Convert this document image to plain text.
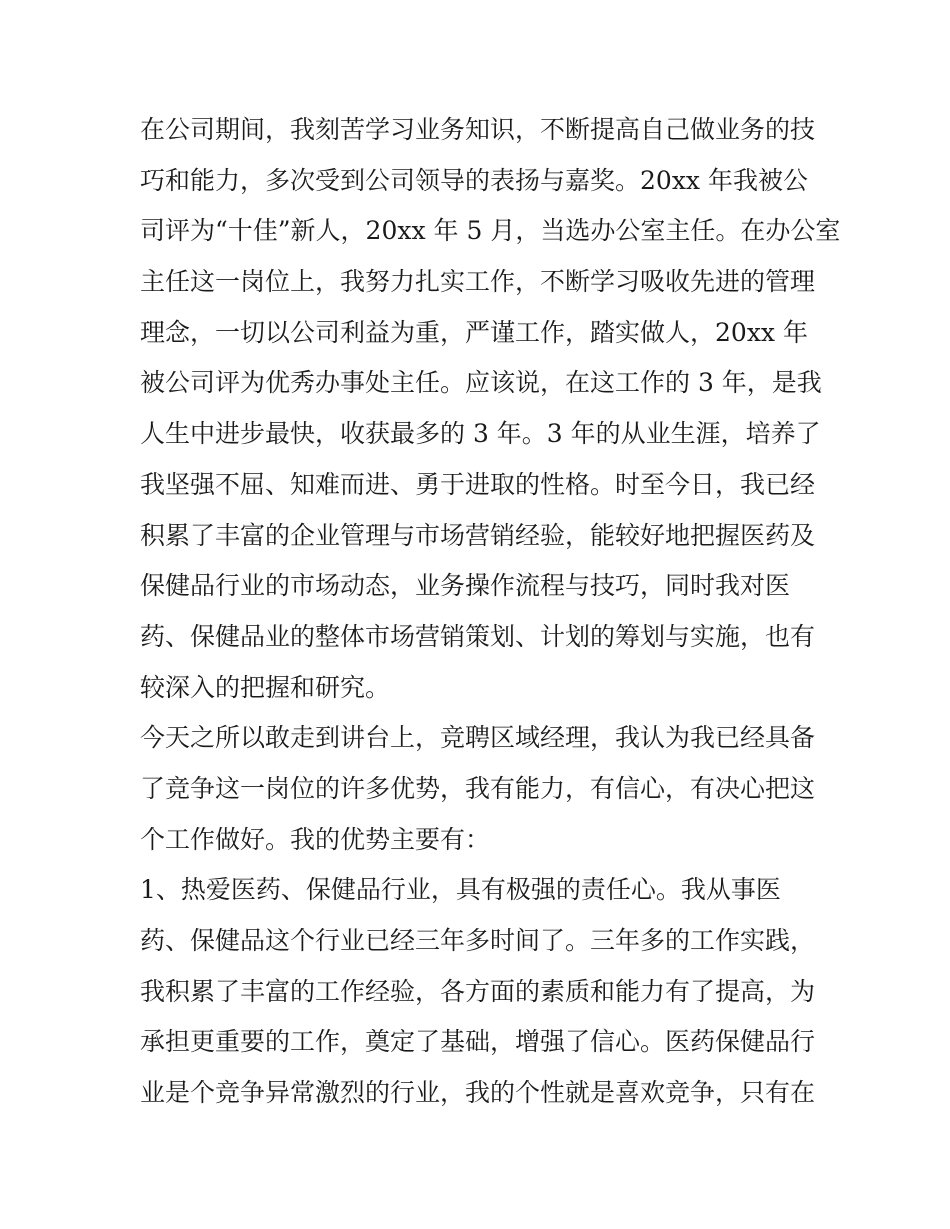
在公司期间，我刻苦学习业务知识，不断提高自己做业务的技
巧和能力，多次受到公司领导的表扬与嘉奖。20xx 年我被公
司评为“十佳”新人，20xx 年 5 月，当选办公室主任。在办公室
主任这一岗位上，我努力扎实工作，不断学习吸收先进的管理
理念，一切以公司利益为重，严谨工作，踏实做人，20xx 年
被公司评为优秀办事处主任。应该说，在这工作的 3 年，是我
人生中进步最快，收获最多的 3 年。3 年的从业生涯，培养了
我坚强不屈、知难而进、勇于进取的性格。时至今日，我已经
积累了丰富的企业管理与市场营销经验，能较好地把握医药及
保健品行业的市场动态，业务操作流程与技巧，同时我对医
药、保健品业的整体市场营销策划、计划的筹划与实施，也有
较深入的把握和研究。
今天之所以敢走到讲台上，竞聘区域经理，我认为我已经具备
了竞争这一岗位的许多优势，我有能力，有信心，有决心把这
个工作做好。我的优势主要有：
1、热爱医药、保健品行业，具有极强的责任心。我从事医
药、保健品这个行业已经三年多时间了。三年多的工作实践，
我积累了丰富的工作经验，各方面的素质和能力有了提高，为
承担更重要的工作，奠定了基础，增强了信心。医药保健品行
业是个竞争异常激烈的行业，我的个性就是喜欢竞争，只有在
